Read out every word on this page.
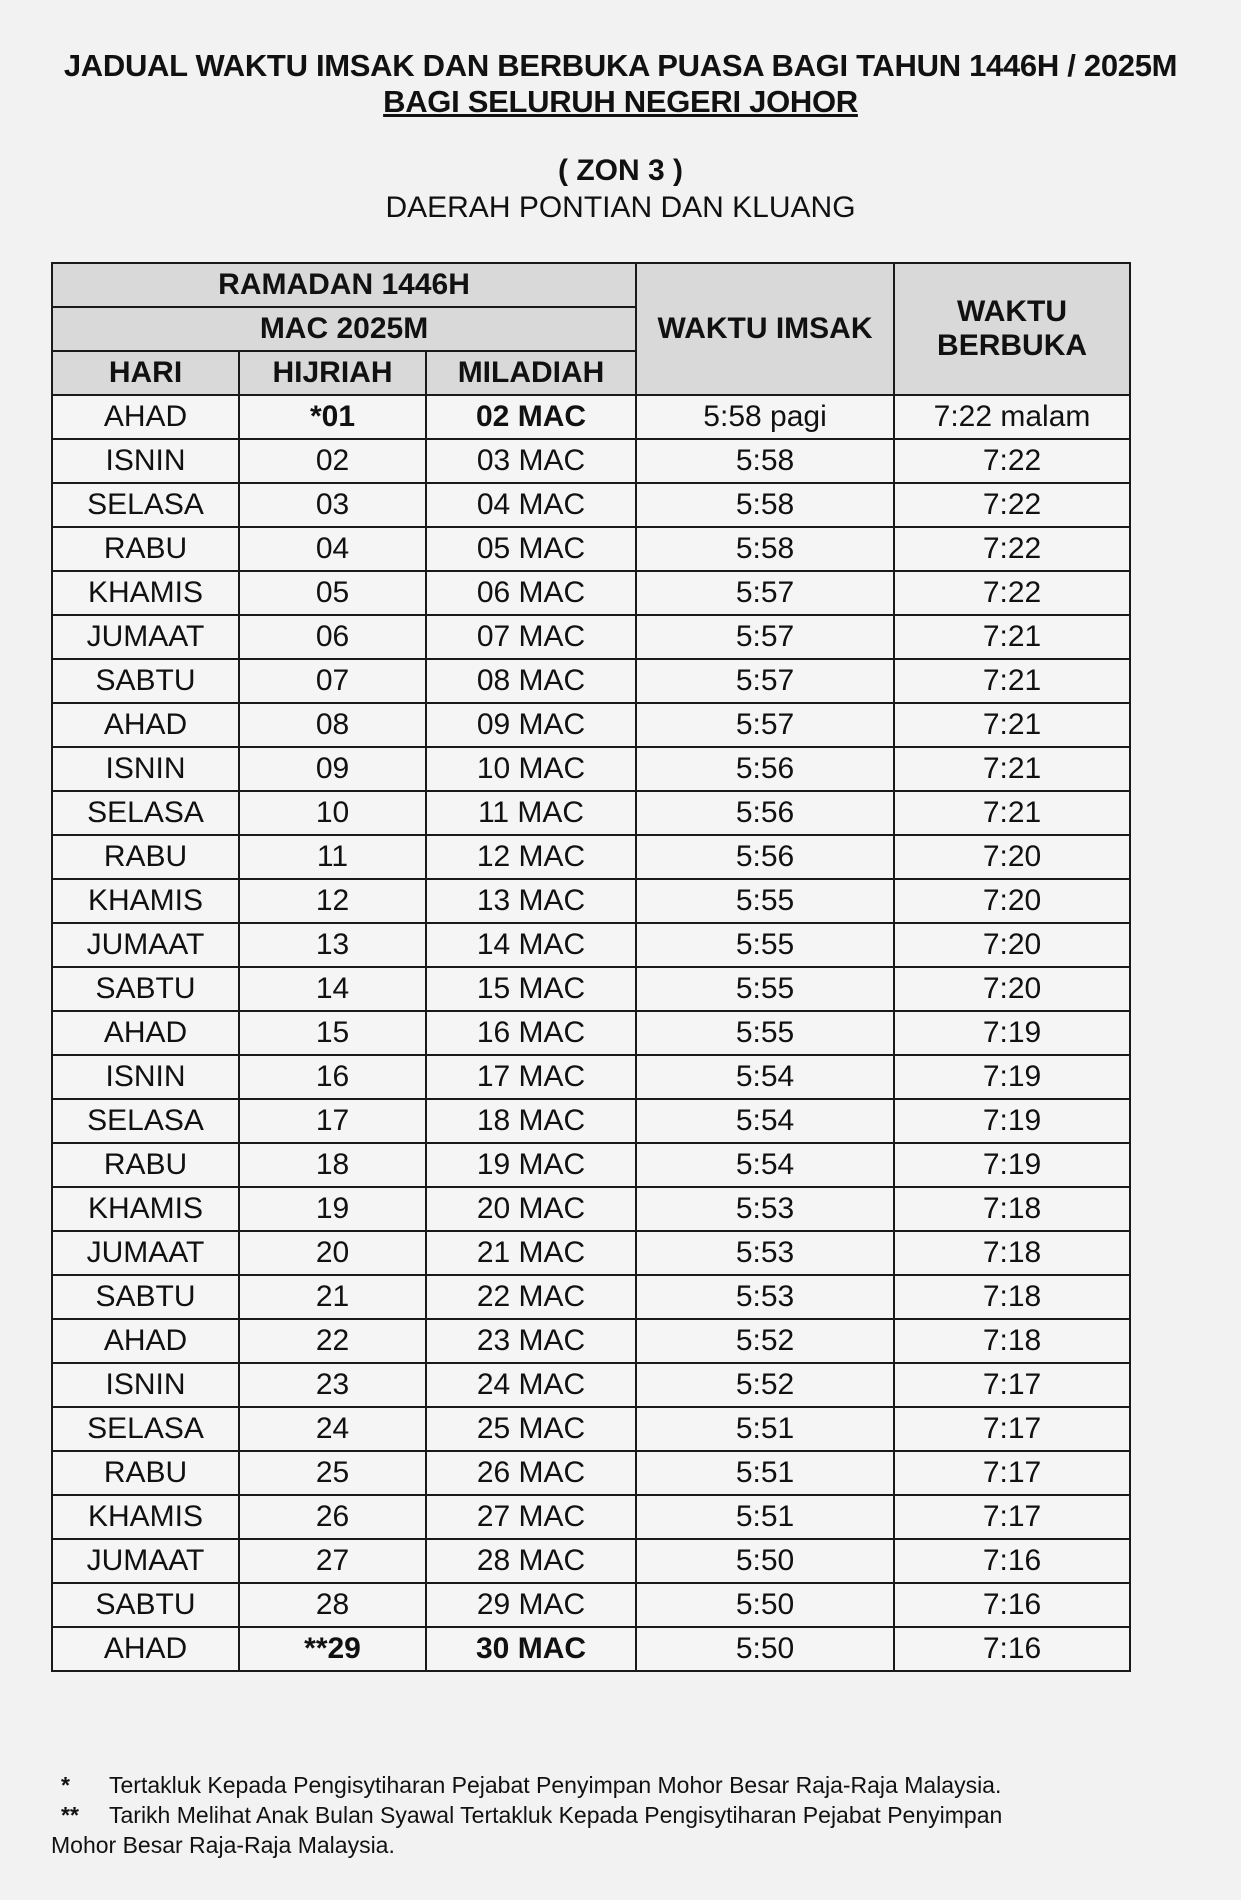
JADUAL WAKTU IMSAK DAN BERBUKA PUASA BAGI TAHUN 1446H / 2025M
BAGI SELURUH NEGERI JOHOR
( ZON 3 )
DAERAH PONTIAN DAN KLUANG
RAMADAN 1446H			WAKTU IMSAK	WAKTU BERBUKA
MAC 2025M				
HARI	HIJRIAH	MILADIAH		
AHAD	*01	02 MAC	5:58 pagi	7:22 malam
ISNIN	02	03 MAC	5:58	7:22
SELASA	03	04 MAC	5:58	7:22
RABU	04	05 MAC	5:58	7:22
KHAMIS	05	06 MAC	5:57	7:22
JUMAAT	06	07 MAC	5:57	7:21
SABTU	07	08 MAC	5:57	7:21
AHAD	08	09 MAC	5:57	7:21
ISNIN	09	10 MAC	5:56	7:21
SELASA	10	11 MAC	5:56	7:21
RABU	11	12 MAC	5:56	7:20
KHAMIS	12	13 MAC	5:55	7:20
JUMAAT	13	14 MAC	5:55	7:20
SABTU	14	15 MAC	5:55	7:20
AHAD	15	16 MAC	5:55	7:19
ISNIN	16	17 MAC	5:54	7:19
SELASA	17	18 MAC	5:54	7:19
RABU	18	19 MAC	5:54	7:19
KHAMIS	19	20 MAC	5:53	7:18
JUMAAT	20	21 MAC	5:53	7:18
SABTU	21	22 MAC	5:53	7:18
AHAD	22	23 MAC	5:52	7:18
ISNIN	23	24 MAC	5:52	7:17
SELASA	24	25 MAC	5:51	7:17
RABU	25	26 MAC	5:51	7:17
KHAMIS	26	27 MAC	5:51	7:17
JUMAAT	27	28 MAC	5:50	7:16
SABTU	28	29 MAC	5:50	7:16
AHAD	**29	30 MAC	5:50	7:16
*	Tertakluk Kepada Pengisytiharan Pejabat Penyimpan Mohor Besar Raja-Raja Malaysia.
**	Tarikh Melihat Anak Bulan Syawal Tertakluk Kepada Pengisytiharan Pejabat Penyimpan
Mohor Besar Raja-Raja Malaysia.
